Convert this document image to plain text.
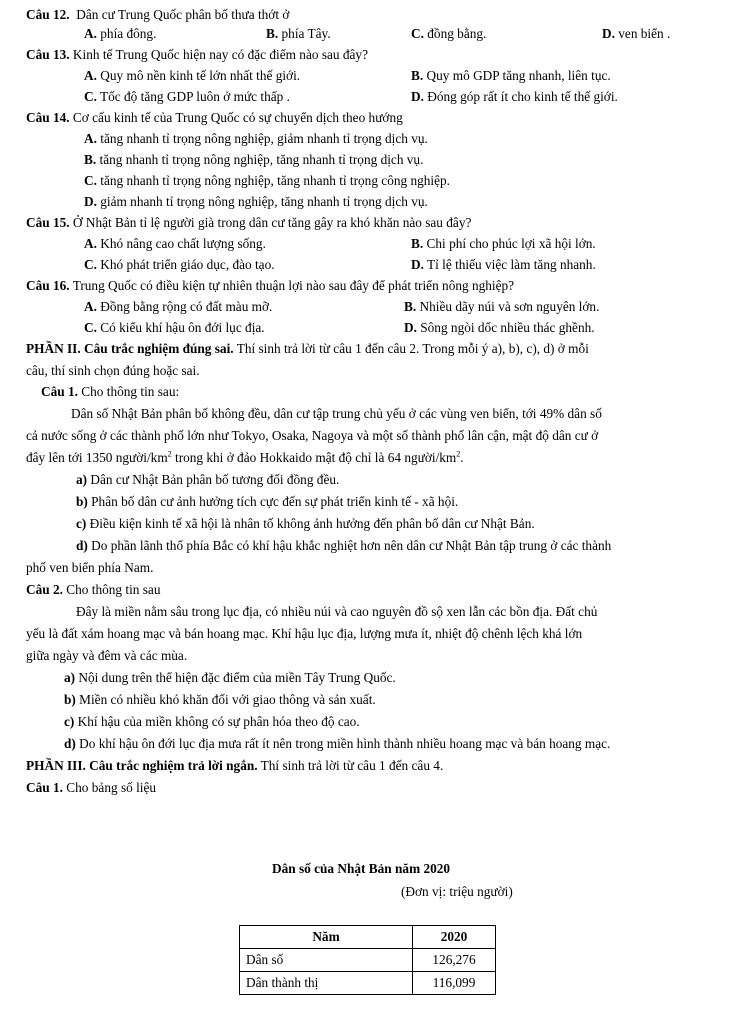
Câu 12. Dân cư Trung Quốc phân bố thưa thớt ở
A. phía đông.	B. phía Tây.	C. đồng bằng.	D. ven biển .
Câu 13. Kinh tế Trung Quốc hiện nay có đặc điểm nào sau đây?
A. Quy mô nền kinh tế lớn nhất thế giới.	B. Quy mô GDP tăng nhanh, liên tục.
C. Tốc độ tăng GDP luôn ở mức thấp .	D. Đóng góp rất ít cho kinh tế thế giới.
Câu 14. Cơ cấu kinh tế của Trung Quốc có sự chuyển dịch theo hướng
A. tăng nhanh tỉ trọng nông nghiệp, giảm nhanh tỉ trọng dịch vụ.
B. tăng nhanh tỉ trọng nông nghiệp, tăng nhanh tỉ trọng dịch vụ.
C. tăng nhanh tỉ trọng nông nghiệp, tăng nhanh tỉ trọng công nghiệp.
D. giảm nhanh tỉ trọng nông nghiệp, tăng nhanh tỉ trọng dịch vụ.
Câu 15. Ở Nhật Bản tỉ lệ người già trong dân cư tăng gây ra khó khăn nào sau đây?
A. Khó nâng cao chất lượng sống.	B. Chi phí cho phúc lợi xã hội lớn.
C. Khó phát triển giáo dục, đào tạo.	D. Tỉ lệ thiếu việc làm tăng nhanh.
Câu 16. Trung Quốc có điều kiện tự nhiên thuận lợi nào sau đây để phát triển nông nghiệp?
A. Đồng bằng rộng có đất màu mỡ.	B. Nhiều dãy núi và sơn nguyên lớn.
C. Có kiểu khí hậu ôn đới lục địa.	D. Sông ngòi dốc nhiều thác ghềnh.
PHẦN II. Câu trắc nghiệm đúng sai. Thí sinh trả lời từ câu 1 đến câu 2. Trong mỗi ý a), b), c), d) ở mỗi
câu, thí sinh chọn đúng hoặc sai.
Câu 1. Cho thông tin sau:
Dân số Nhật Bản phân bố không đều, dân cư tập trung chủ yếu ở các vùng ven biển, tới 49% dân số
cả nước sống ở các thành phố lớn như Tokyo, Osaka, Nagoya và một số thành phố lân cận, mật độ dân cư ở
đây lên tới 1350 người/$km^2$ trong khi ở đảo Hokkaido mật độ chỉ là 64 người/$km^2$.
a) Dân cư Nhật Bản phân bố tương đối đồng đều.
b) Phân bố dân cư ảnh hưởng tích cực đến sự phát triển kinh tế - xã hội.
c) Điều kiện kinh tế xã hội là nhân tố không ảnh hưởng đến phân bố dân cư Nhật Bản.
d) Do phần lãnh thổ phía Bắc có khí hậu khắc nghiệt hơn nên dân cư Nhật Bản tập trung ở các thành
phố ven biển phía Nam.
Câu 2. Cho thông tin sau
Đây là miền nằm sâu trong lục địa, có nhiều núi và cao nguyên đồ sộ xen lẫn các bồn địa. Đất chủ
yếu là đất xám hoang mạc và bán hoang mạc. Khí hậu lục địa, lượng mưa ít, nhiệt độ chênh lệch khá lớn
giữa ngày và đêm và các mùa.
a) Nội dung trên thể hiện đặc điểm của miền Tây Trung Quốc.
b) Miền có nhiều khó khăn đối với giao thông và sản xuất.
c) Khí hậu của miền không có sự phân hóa theo độ cao.
d) Do khí hậu ôn đới lục địa mưa rất ít nên trong miền hình thành nhiều hoang mạc và bán hoang mạc.
PHẦN III. Câu trắc nghiệm trả lời ngắn. Thí sinh trả lời từ câu 1 đến câu 4.
Câu 1. Cho bảng số liệu
Dân số của Nhật Bản năm 2020
(Đơn vị: triệu người)
Năm	2020
Dân số	126,276
Dân thành thị	116,099
